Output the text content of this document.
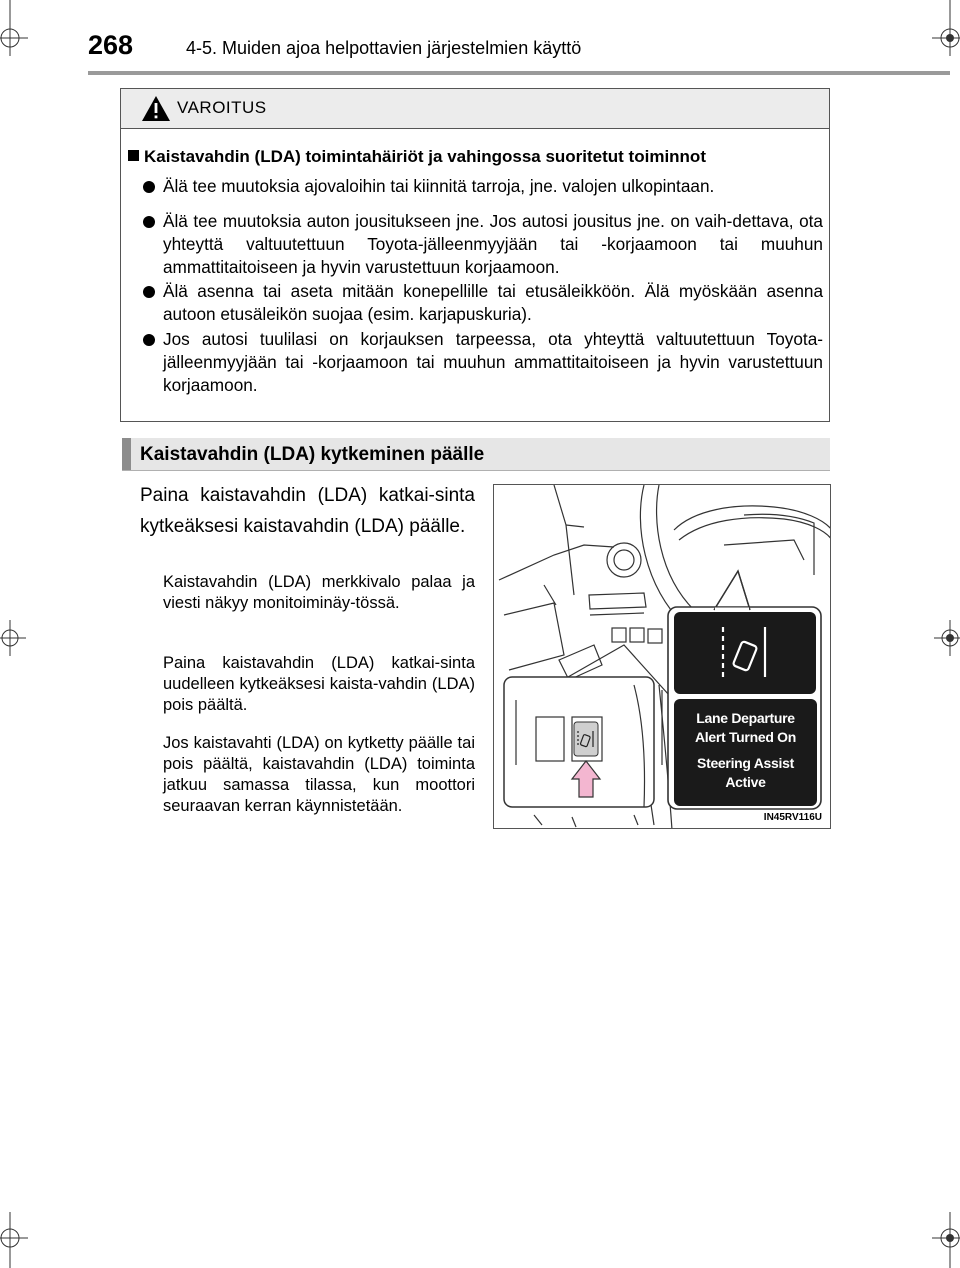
268	4-5. Muiden ajoa helpottavien järjestelmien käyttö
VAROITUS
Kaistavahdin (LDA) toimintahäiriöt ja vahingossa suoritetut toiminnot
Älä tee muutoksia ajovaloihin tai kiinnitä tarroja, jne. valojen ulkopintaan.
Älä tee muutoksia auton jousitukseen jne. Jos autosi jousitus jne. on vaih-dettava, ota yhteyttä valtuutettuun Toyota-jälleenmyyjään tai -korjaamoon tai muuhun ammattitaitoiseen ja hyvin varustettuun korjaamoon.
Älä asenna tai aseta mitään konepellille tai etusäleikköön. Älä myöskään asenna autoon etusäleikön suojaa (esim. karjapuskuria).
Jos autosi tuulilasi on korjauksen tarpeessa, ota yhteyttä valtuutettuun Toyota-jälleenmyyjään tai -korjaamoon tai muuhun ammattitaitoiseen ja hyvin varustettuun korjaamoon.
Kaistavahdin (LDA) kytkeminen päälle
Paina kaistavahdin (LDA) katkai-sinta kytkeäksesi kaistavahdin (LDA) päälle.
Kaistavahdin (LDA) merkkivalo palaa ja viesti näkyy monitoiminäy-tössä.
Paina kaistavahdin (LDA) katkai-sinta uudelleen kytkeäksesi kaista-vahdin (LDA) pois päältä.
Jos kaistavahti (LDA) on kytketty päälle tai pois päältä, kaistavahdin (LDA) toiminta jatkuu samassa tilassa, kun moottori seuraavan kerran käynnistetään.
Lane Departure
Alert Turned On
Steering Assist
Active
IN45RV116U
